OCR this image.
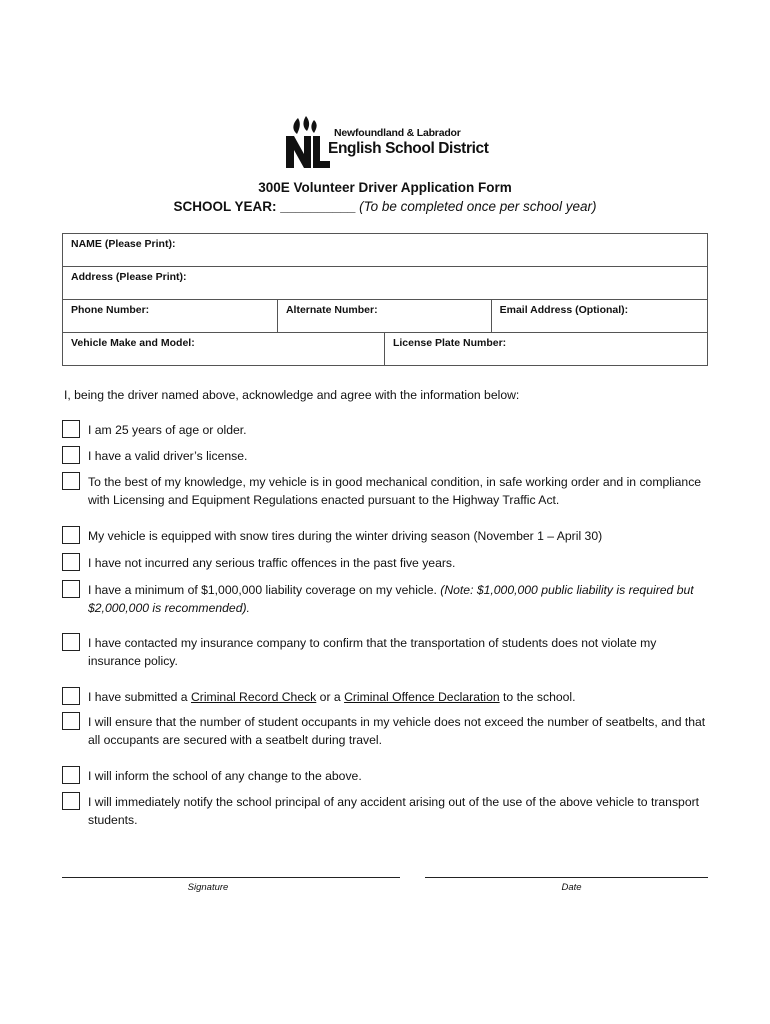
Newfoundland & Labrador
English School District
300E Volunteer Driver Application Form
SCHOOL YEAR: __________ (To be completed once per school year)
NAME (Please Print):			
Address (Please Print):			
Phone Number:	Alternate Number:		Email Address (Optional):
Vehicle Make and Model:		License Plate Number:	
I, being the driver named above, acknowledge and agree with the information below:
I am 25 years of age or older.
I have a valid driver’s license.
To the best of my knowledge, my vehicle is in good mechanical condition, in safe working order and in compliance with Licensing and Equipment Regulations enacted pursuant to the Highway Traffic Act.
My vehicle is equipped with snow tires during the winter driving season (November 1 – April 30)
I have not incurred any serious traffic offences in the past five years.
I have a minimum of $1,000,000 liability coverage on my vehicle. (Note: $1,000,000 public liability is required but $2,000,000 is recommended).
I have contacted my insurance company to confirm that the transportation of students does not violate my insurance policy.
I have submitted a Criminal Record Check or a Criminal Offence Declaration to the school.
I will ensure that the number of student occupants in my vehicle does not exceed the number of seatbelts, and that all occupants are secured with a seatbelt during travel.
I will inform the school of any change to the above.
I will immediately notify the school principal of any accident arising out of the use of the above vehicle to transport students.
Signature	Date
